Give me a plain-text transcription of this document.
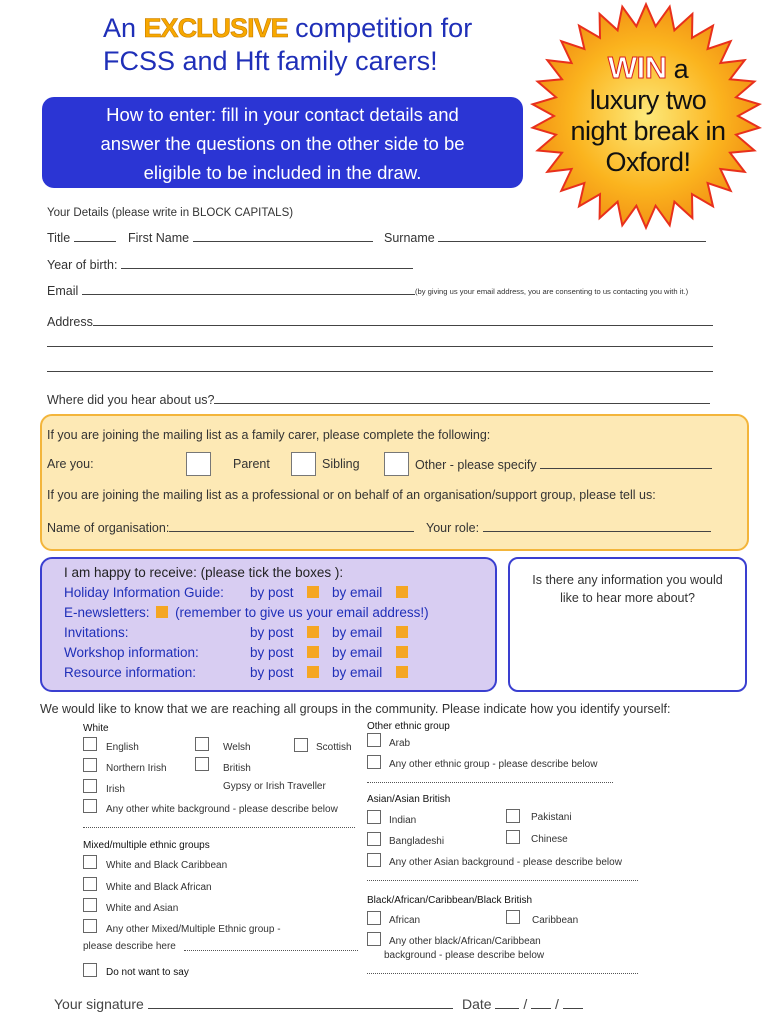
An EXCLUSIVE competition for
FCSS and Hft family carers!	WIN a
luxury two
night break in
Oxford!
How to enter: fill in your contact details and
answer the questions on the other side to be
eligible to be included in the draw.
Your Details (please write in BLOCK CAPITALS)
Title	First Name	Surname
Year of birth:
Email	(by giving us your email address, you are consenting to us contacting you with it.)
Address
Where did you hear about us?
If you are joining the mailing list as a family carer, please complete the following:
Are you:	Parent	Sibling	Other - please specify
If you are joining the mailing list as a professional or on behalf of an organisation/support group, please tell us:
Name of organisation:	Your role:
I am happy to receive: (please tick the boxes ):
Holiday Information Guide: by post	by email
E-newsletters: (remember to give us your email address!)
Invitations:	by post	by email
Workshop information:	by post	by email
Resource information:	by post	by email
Is there any information you would
like to hear more about?
We would like to know that we are reaching all groups in the community. Please indicate how you identify yourself:
White
English	Welsh	Scottish
Northern Irish	British
Irish	Gypsy or Irish Traveller
Any other white background - please describe below
Mixed/multiple ethnic groups
White and Black Caribbean
White and Black African
White and Asian
Any other Mixed/Multiple Ethnic group -
please describe here
Do not want to say
Other ethnic group
Arab
Any other ethnic group - please describe below
Asian/Asian British
Indian	Pakistani
Bangladeshi	Chinese
Any other Asian background - please describe below
Black/African/Caribbean/Black British
African	Caribbean
Any other black/African/Caribbean
background - please describe below
Your signature	Date / /
